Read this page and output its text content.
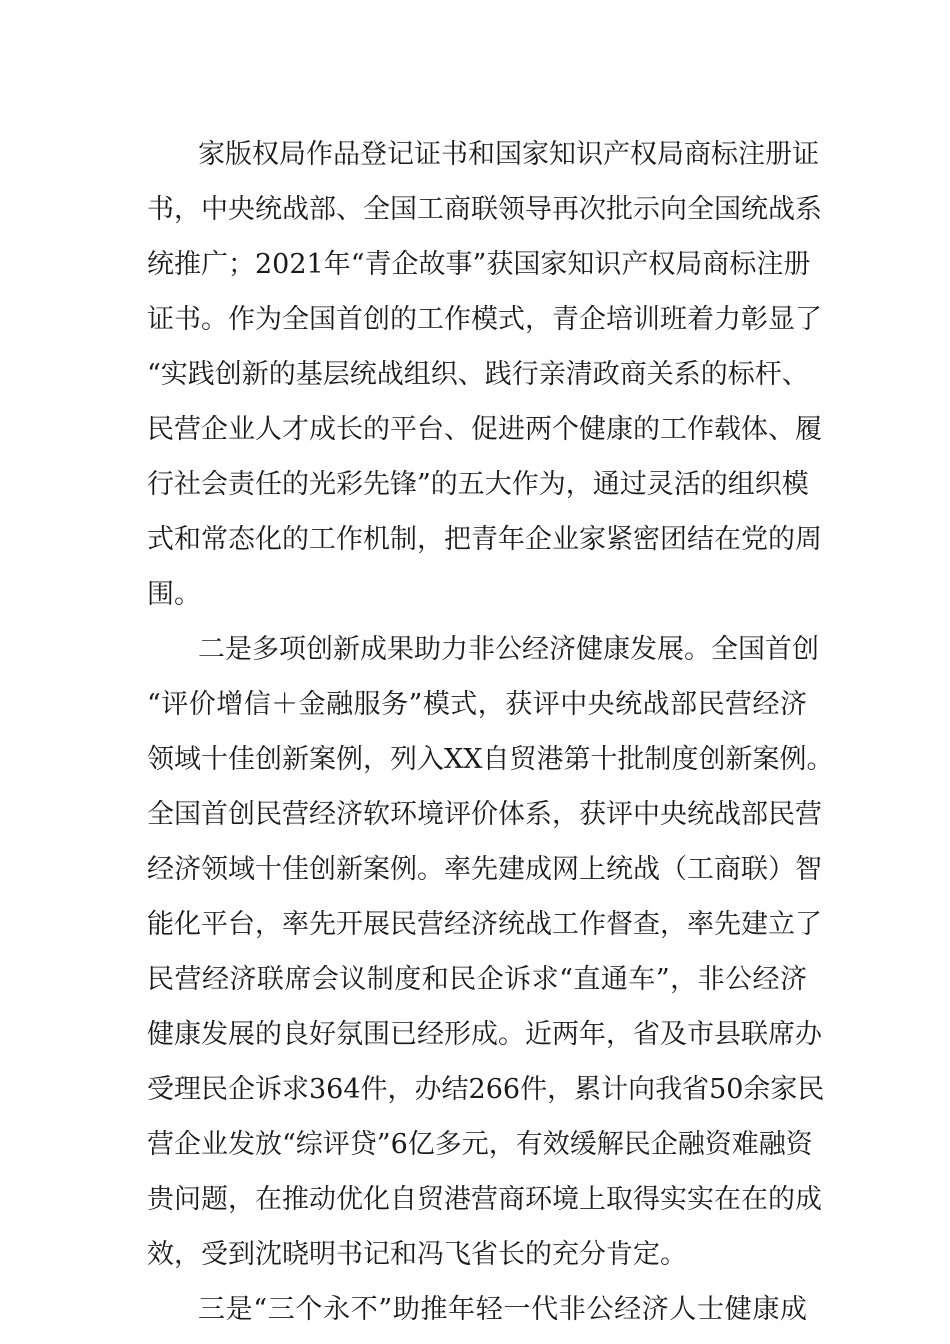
家版权局作品登记证书和国家知识产权局商标注册证
书，中央统战部、全国工商联领导再次批示向全国统战系
统推广；2021年“青企故事”获国家知识产权局商标注册
证书。作为全国首创的工作模式，青企培训班着力彰显了
“实践创新的基层统战组织、践行亲清政商关系的标杆、
民营企业人才成长的平台、促进两个健康的工作载体、履
行社会责任的光彩先锋”的五大作为，通过灵活的组织模
式和常态化的工作机制，把青年企业家紧密团结在党的周
围。
二是多项创新成果助力非公经济健康发展。全国首创
“评价增信＋金融服务”模式，获评中央统战部民营经济
领域十佳创新案例，列入XX自贸港第十批制度创新案例。
全国首创民营经济软环境评价体系，获评中央统战部民营
经济领域十佳创新案例。率先建成网上统战（工商联）智
能化平台，率先开展民营经济统战工作督查，率先建立了
民营经济联席会议制度和民企诉求“直通车”，非公经济
健康发展的良好氛围已经形成。近两年，省及市县联席办
受理民企诉求364件，办结266件，累计向我省50余家民
营企业发放“综评贷”6亿多元，有效缓解民企融资难融资
贵问题，在推动优化自贸港营商环境上取得实实在在的成
效，受到沈晓明书记和冯飞省长的充分肯定。
三是“三个永不”助推年轻一代非公经济人士健康成
